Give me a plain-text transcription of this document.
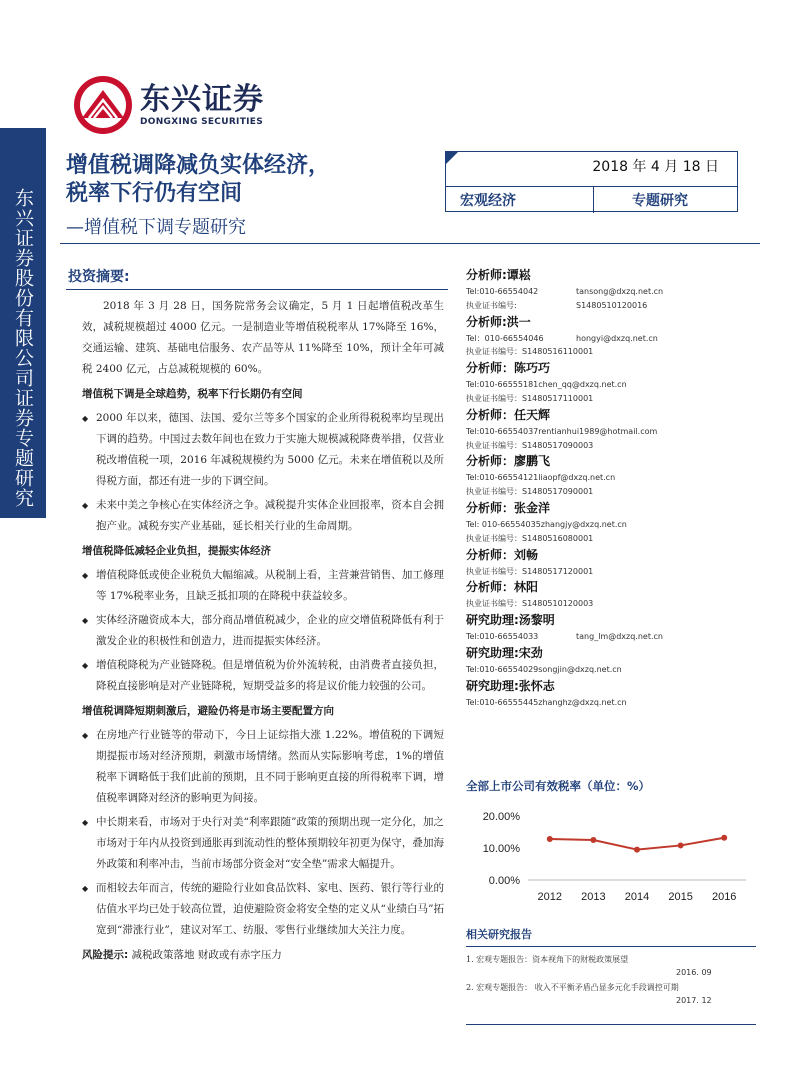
东兴证券股份有限公司证券专题研究
东兴证券
DONGXING SECURITIES
增值税调降减负实体经济，
税率下行仍有空间
—增值税下调专题研究
2018 年 4 月 18 日
宏观经济	专题研究
投资摘要:
2018 年 3 月 28 日，国务院常务会议确定，5 月 1 日起增值税改革生效，减税规模超过 4000 亿元。一是制造业等增值税税率从 17%降至 16%，交通运输、建筑、基础电信服务、农产品等从 11%降至 10%，预计全年可减税 2400 亿元，占总减税规模的 60%。
增值税下调是全球趋势，税率下行长期仍有空间
◆ 2000 年以来，德国、法国、爱尔兰等多个国家的企业所得税税率均呈现出下调的趋势。中国过去数年间也在致力于实施大规模减税降费举措，仅营业税改增值税一项，2016 年减税规模约为 5000 亿元。未来在增值税以及所得税方面，都还有进一步的下调空间。
◆ 未来中美之争核心在实体经济之争。减税提升实体企业回报率，资本自会拥抱产业。减税夯实产业基础，延长相关行业的生命周期。
增值税降低减轻企业负担，提振实体经济
◆ 增值税降低或使企业税负大幅缩减。从税制上看，主营兼营销售、加工修理等 17%税率业务，且缺乏抵扣项的在降税中获益较多。
◆ 实体经济融资成本大，部分商品增值税减少，企业的应交增值税降低有利于激发企业的积极性和创造力，进而提振实体经济。
◆ 增值税降税为产业链降税。但是增值税为价外流转税，由消费者直接负担，降税直接影响是对产业链降税，短期受益多的将是议价能力较强的公司。
增值税调降短期刺激后，避险仍将是市场主要配置方向
◆ 在房地产行业链等的带动下，今日上证综指大涨 1.22%。增值税的下调短期提振市场对经济预期，刺激市场情绪。然而从实际影响考虑，1%的增值税率下调略低于我们此前的预期，且不同于影响更直接的所得税率下调，增值税率调降对经济的影响更为间接。
◆ 中长期来看，市场对于央行对美“利率跟随”政策的预期出现一定分化，加之市场对于年内从投资到通胀再到流动性的整体预期较年初更为保守，叠加海外政策和利率冲击，当前市场部分资金对“安全垫”需求大幅提升。
◆ 而相较去年而言，传统的避险行业如食品饮料、家电、医药、银行等行业的估值水平均已处于较高位置，迫使避险资金将安全垫的定义从“业绩白马”拓宽到“滞涨行业”，建议对军工、纺服、零售行业继续加大关注力度。
风险提示: 减税政策落地 财政或有赤字压力
分析师:谭崧
Tel:010-66554042	tansong@dxzq.net.cn
执业证书编号:	S1480510120016
分析师:洪一
Tel：010-66554046	hongyi@dxzq.net.cn
执业证书编号：S1480516110001
分析师：陈巧巧
Tel:010-66555181chen_qq@dxzq.net.cn
执业证书编号：S1480517110001
分析师：任天辉
Tel:010-66554037rentianhui1989@hotmail.com
执业证书编号：S1480517090003
分析师：廖鹏飞
Tel:010-66554121liaopf@dxzq.net.cn
执业证书编号：S1480517090001
分析师：张金洋
Tel: 010-66554035zhangjy@dxzq.net.cn
执业证书编号：S1480516080001
分析师：刘畅
执业证书编号：S1480517120001
分析师：林阳
执业证书编号：S1480510120003
研究助理:汤黎明
Tel:010-66554033	tang_lm@dxzq.net.cn
研究助理:宋劲
Tel:010-66554029songjin@dxzq.net.cn
研究助理:张怀志
Tel:010-66555445zhanghz@dxzq.net.cn
全部上市公司有效税率（单位：%）
20.00%
10.00%
0.00%
2012 2013 2014 2015 2016
相关研究报告
1. 宏观专题报告：资本视角下的财税政策展望
2016. 09
2. 宏观专题报告： 收入不平衡矛盾凸显多元化手段调控可期
2017. 12
